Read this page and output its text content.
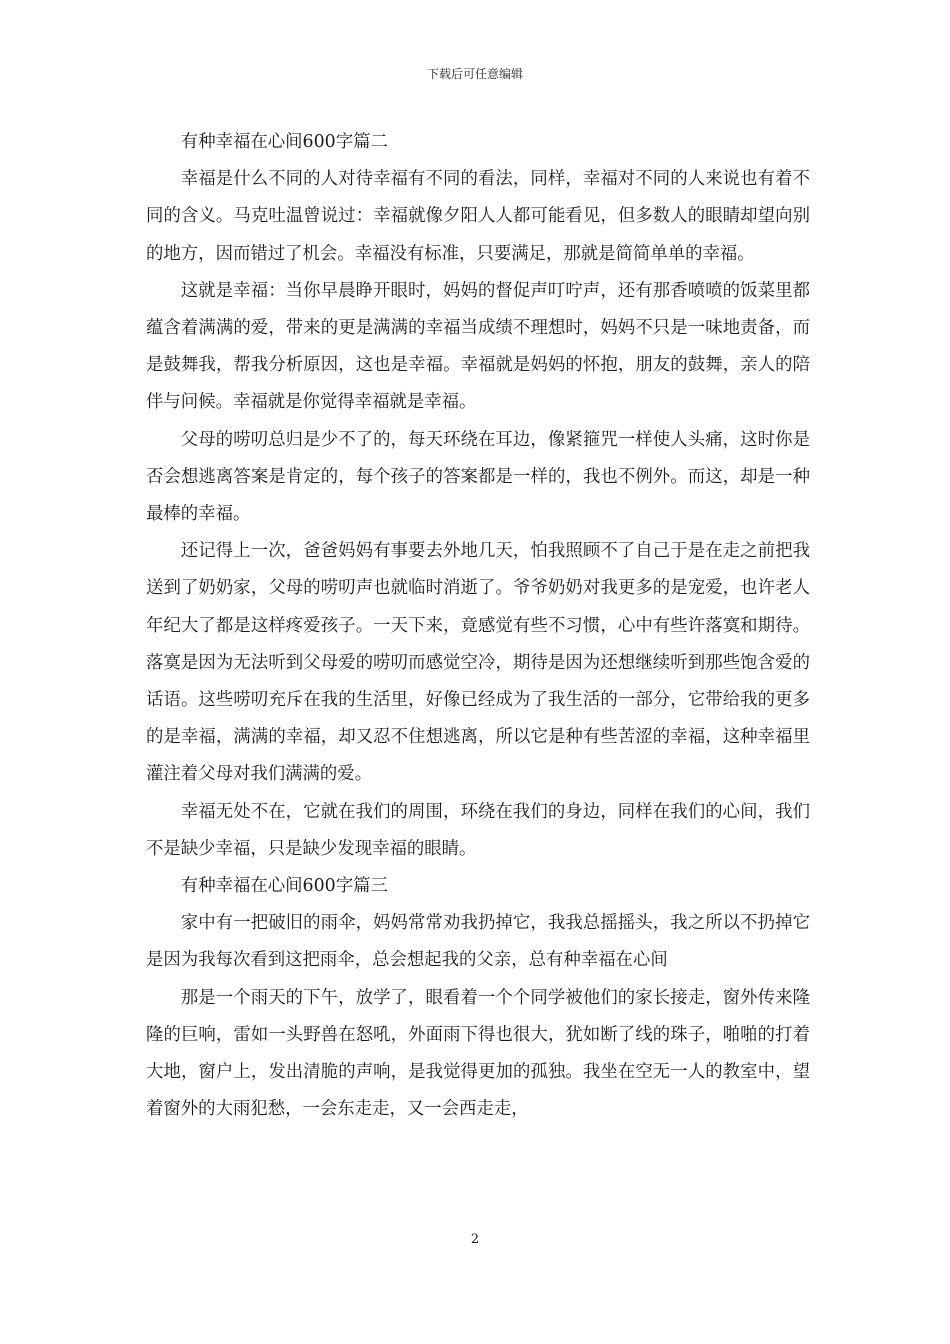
下载后可任意编辑

有种幸福在心间600字篇二

幸福是什么不同的人对待幸福有不同的看法，同样，幸福对不同的人来说也有着不同的含义。马克吐温曾说过：幸福就像夕阳人人都可能看见，但多数人的眼睛却望向别的地方，因而错过了机会。幸福没有标准，只要满足，那就是简简单单的幸福。

这就是幸福：当你早晨睁开眼时，妈妈的督促声叮咛声，还有那香喷喷的饭菜里都蕴含着满满的爱，带来的更是满满的幸福当成绩不理想时，妈妈不只是一味地责备，而是鼓舞我，帮我分析原因，这也是幸福。幸福就是妈妈的怀抱，朋友的鼓舞，亲人的陪伴与问候。幸福就是你觉得幸福就是幸福。

父母的唠叨总归是少不了的，每天环绕在耳边，像紧箍咒一样使人头痛，这时你是否会想逃离答案是肯定的，每个孩子的答案都是一样的，我也不例外。而这，却是一种最棒的幸福。

还记得上一次，爸爸妈妈有事要去外地几天，怕我照顾不了自己于是在走之前把我送到了奶奶家，父母的唠叨声也就临时消逝了。爷爷奶奶对我更多的是宠爱，也许老人年纪大了都是这样疼爱孩子。一天下来，竟感觉有些不习惯，心中有些许落寞和期待。落寞是因为无法听到父母爱的唠叨而感觉空冷，期待是因为还想继续听到那些饱含爱的话语。这些唠叨充斥在我的生活里，好像已经成为了我生活的一部分，它带给我的更多的是幸福，满满的幸福，却又忍不住想逃离，所以它是种有些苦涩的幸福，这种幸福里灌注着父母对我们满满的爱。

幸福无处不在，它就在我们的周围，环绕在我们的身边，同样在我们的心间，我们不是缺少幸福，只是缺少发现幸福的眼睛。

有种幸福在心间600字篇三

家中有一把破旧的雨伞，妈妈常常劝我扔掉它，我我总摇摇头，我之所以不扔掉它是因为我每次看到这把雨伞，总会想起我的父亲，总有种幸福在心间

那是一个雨天的下午，放学了，眼看着一个个同学被他们的家长接走，窗外传来隆隆的巨响，雷如一头野兽在怒吼，外面雨下得也很大，犹如断了线的珠子，啪啪的打着大地，窗户上，发出清脆的声响，是我觉得更加的孤独。我坐在空无一人的教室中，望着窗外的大雨犯愁，一会东走走，又一会西走走，

2
